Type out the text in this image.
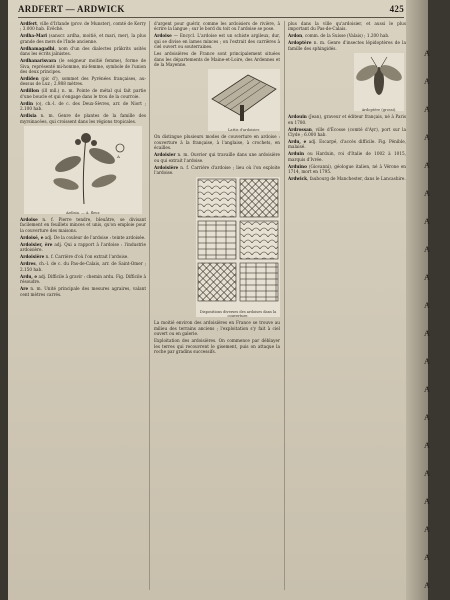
ARDFERT — ARDWICK	425

Ardfert, ville d'Irlande (prov. de Munster), comté de Kerry ; 3.000 hab. Evêché.

Ardha-Mari (sanscr. ardha, moitié, et mari, mer), la plus grande des mers de l'Inde ancienne.

Ardhamagadhi, nom d'un des dialectes prâkrits usités dans les écrits jaïnistes.

Ardhanarisvara (le seigneur moitié femme), forme de Siva, représenté mi-homme, mi-femme, symbole de l'union des deux principes.

Ardiden (pic d'), sommet des Pyrénées françaises, au-dessus de Luz ; 2.988 mètres.

Ardillon (ill mll.) n. m. Pointe de métal qui fait partie d'une boucle et qui s'engage dans le trou de la courroie.

Ardin (o), ch.-l. de c. des Deux-Sèvres, arr. de Niort ; 2.100 hab.

Ardisia n. m. Genre de plantes de la famille des myrsinacées, qui croissent dans les régions tropicales.

A
Ardisia. — A. fleur.

Ardoise n. f. Pierre tendre, bleuâtre, se divisant facilement en feuillets minces et unis, qu'on emploie pour la couverture des maisons.

Ardoisé, e adj. De la couleur de l'ardoise : teinte ardoisée.

Ardoisier, ère adj. Qui a rapport à l'ardoise : l'industrie ardoisière.

Ardoisière n. f. Carrière d'où l'on extrait l'ardoise.

Ardres, ch.-l. de c. du Pas-de-Calais, arr. de Saint-Omer ; 2.150 hab.

Ardu, e adj. Difficile à gravir : chemin ardu. Fig. Difficile à résoudre.

Are n. m. Unité principale des mesures agraires, valant cent mètres carrés.

d'argent pour guérir, comme les ardoisiers de rivière, à écrire la langue ; sur le bord du toit ou l'ardoise se pose.

Ardoise — Encycl. L'ardoise est un schiste argileux, dur, qui se divise en lames minces ; on l'extrait des carrières à ciel ouvert ou souterraines.

Les ardoisières de France sont principalement situées dans les départements de Maine-et-Loire, des Ardennes et de la Mayenne.

Lattis d'ardoisier.

On distingue plusieurs modes de couverture en ardoise : couverture à la française, à l'anglaise, à crochets, en écailles.

Ardoisier n. m. Ouvrier qui travaille dans une ardoisière ou qui extrait l'ardoise.

Ardoisière n. f. Carrière d'ardoise ; lieu où l'on exploite l'ardoise.

Dispositions diverses des ardoises dans la couverture.

La moitié environ des ardoisières en France se trouve au milieu des terrains anciens ; l'exploitation s'y fait à ciel ouvert ou en galerie.

Exploitation des ardoisières. On commence par déblayer les terres qui recouvrent le gisement, puis on attaque la roche par gradins successifs.

plus dans la ville qu'ardoisier, et aussi le plus important du Pas-de-Calais.

Ardon, comm. de la Suisse (Valais) ; 1.200 hab.

Ardoptère n. m. Genre d'insectes lépidoptères de la famille des sphingidés.

Ardoptère (grossi).

Ardouin (Jean), graveur et éditeur français, né à Paris en 1780.

Ardrossan, ville d'Écosse (comté d'Ayr), port sur la Clyde ; 6.000 hab.

Ardu, e adj. Escarpé, d'accès difficile. Fig. Pénible, malaisé.

Arduin ou Harduin, roi d'Italie de 1002 à 1015, marquis d'Ivrée.

Arduino (Giovanni), géologue italien, né à Vérone en 1714, mort en 1795.

Ardwick, faubourg de Manchester, dans le Lancashire.

A
A
A
A
A
A
A
A
A
A
A
A
A
A
A
A
A
A
A
A
